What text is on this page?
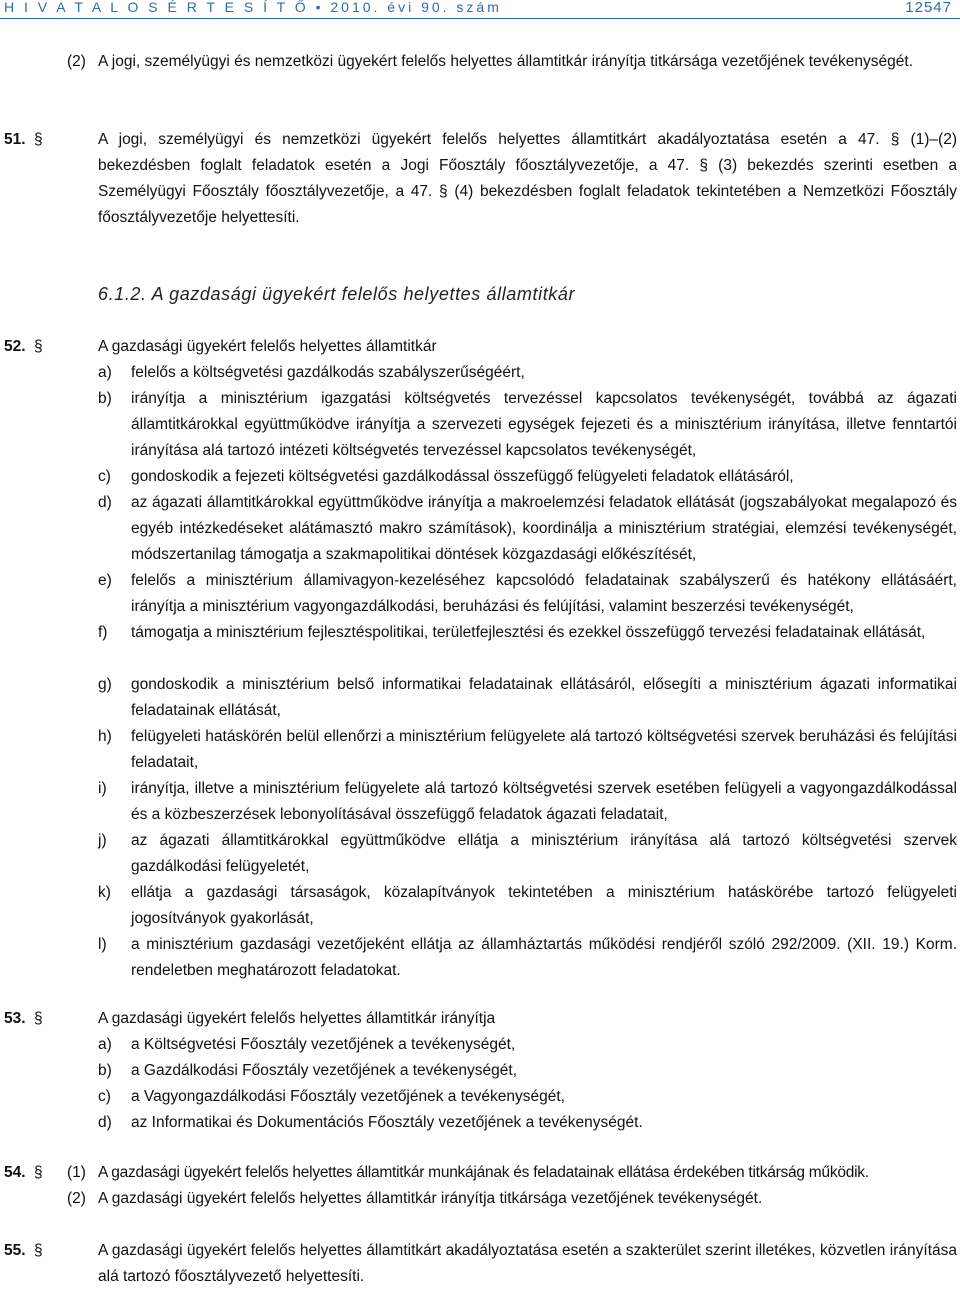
H I V A T A L O S É R T E S Í T Ő • 2010. évi 90. szám	12547
(2) A jogi, személyügyi és nemzetközi ügyekért felelős helyettes államtitkár irányítja titkársága vezetőjének tevékenységét.
51. §	A jogi, személyügyi és nemzetközi ügyekért felelős helyettes államtitkárt akadályoztatása esetén a 47. § (1)–(2) bekezdésben foglalt feladatok esetén a Jogi Főosztály főosztályvezetője, a 47. § (3) bekezdés szerinti esetben a Személyügyi Főosztály főosztályvezetője, a 47. § (4) bekezdésben foglalt feladatok tekintetében a Nemzetközi Főosztály főosztályvezetője helyettesíti.
6.1.2. A gazdasági ügyekért felelős helyettes államtitkár
52. §	A gazdasági ügyekért felelős helyettes államtitkár
a) felelős a költségvetési gazdálkodás szabályszerűségéért,
b) irányítja a minisztérium igazgatási költségvetés tervezéssel kapcsolatos tevékenységét, továbbá az ágazati államtitkárokkal együttműködve irányítja a szervezeti egységek fejezeti és a minisztérium irányítása, illetve fenntartói irányítása alá tartozó intézeti költségvetés tervezéssel kapcsolatos tevékenységét,
c) gondoskodik a fejezeti költségvetési gazdálkodással összefüggő felügyeleti feladatok ellátásáról,
d) az ágazati államtitkárokkal együttműködve irányítja a makroelemzési feladatok ellátását (jogszabályokat megalapozó és egyéb intézkedéseket alátámasztó makro számítások), koordinálja a minisztérium stratégiai, elemzési tevékenységét, módszertanilag támogatja a szakmapolitikai döntések közgazdasági előkészítését,
e) felelős a minisztérium államivagyon-kezeléséhez kapcsolódó feladatainak szabályszerű és hatékony ellátásáért, irányítja a minisztérium vagyongazdálkodási, beruházási és felújítási, valamint beszerzési tevékenységét,
f) támogatja a minisztérium fejlesztéspolitikai, területfejlesztési és ezekkel összefüggő tervezési feladatainak ellátását,
g) gondoskodik a minisztérium belső informatikai feladatainak ellátásáról, elősegíti a minisztérium ágazati informatikai feladatainak ellátását,
h) felügyeleti hatáskörén belül ellenőrzi a minisztérium felügyelete alá tartozó költségvetési szervek beruházási és felújítási feladatait,
i) irányítja, illetve a minisztérium felügyelete alá tartozó költségvetési szervek esetében felügyeli a vagyongazdálkodással és a közbeszerzések lebonyolításával összefüggő feladatok ágazati feladatait,
j) az ágazati államtitkárokkal együttműködve ellátja a minisztérium irányítása alá tartozó költségvetési szervek gazdálkodási felügyeletét,
k) ellátja a gazdasági társaságok, közalapítványok tekintetében a minisztérium hatáskörébe tartozó felügyeleti jogosítványok gyakorlását,
l) a minisztérium gazdasági vezetőjeként ellátja az államháztartás működési rendjéről szóló 292/2009. (XII. 19.) Korm. rendeletben meghatározott feladatokat.
53. §	A gazdasági ügyekért felelős helyettes államtitkár irányítja
a) a Költségvetési Főosztály vezetőjének a tevékenységét,
b) a Gazdálkodási Főosztály vezetőjének a tevékenységét,
c) a Vagyongazdálkodási Főosztály vezetőjének a tevékenységét,
d) az Informatikai és Dokumentációs Főosztály vezetőjének a tevékenységét.
54. § (1) A gazdasági ügyekért felelős helyettes államtitkár munkájának és feladatainak ellátása érdekében titkárság működik.
(2) A gazdasági ügyekért felelős helyettes államtitkár irányítja titkársága vezetőjének tevékenységét.
55. §	A gazdasági ügyekért felelős helyettes államtitkárt akadályoztatása esetén a szakterület szerint illetékes, közvetlen irányítása alá tartozó főosztályvezető helyettesíti.
